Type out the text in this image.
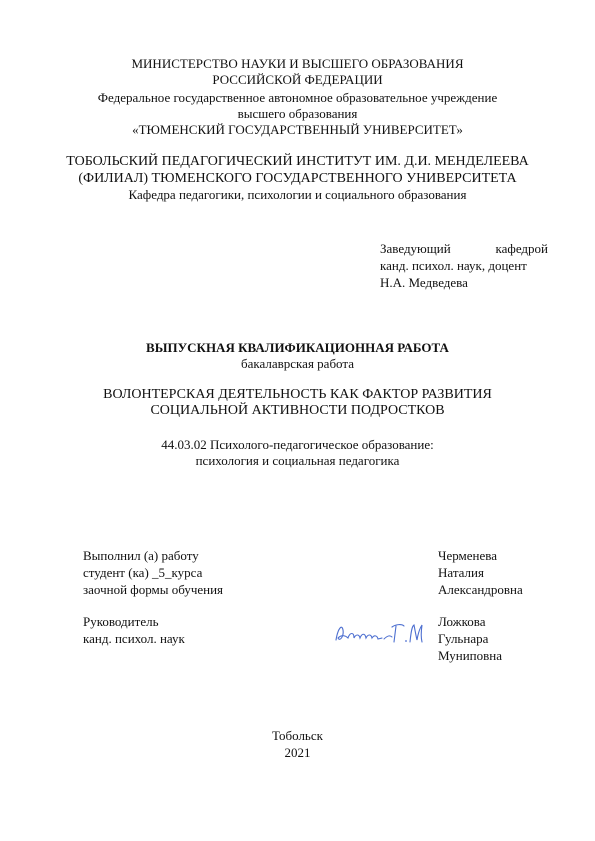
МИНИСТЕРСТВО НАУКИ И ВЫСШЕГО ОБРАЗОВАНИЯ
РОССИЙСКОЙ ФЕДЕРАЦИИ
Федеральное государственное автономное образовательное учреждение
высшего образования
«ТЮМЕНСКИЙ ГОСУДАРСТВЕННЫЙ УНИВЕРСИТЕТ»
ТОБОЛЬСКИЙ ПЕДАГОГИЧЕСКИЙ ИНСТИТУТ ИМ. Д.И. МЕНДЕЛЕЕВА
(ФИЛИАЛ) ТЮМЕНСКОГО ГОСУДАРСТВЕННОГО УНИВЕРСИТЕТА
Кафедра педагогики, психологии и социального образования
Заведующий	кафедрой
канд. психол. наук, доцент
Н.А. Медведева
ВЫПУСКНАЯ КВАЛИФИКАЦИОННАЯ РАБОТА
бакалаврская работа
ВОЛОНТЕРСКАЯ ДЕЯТЕЛЬНОСТЬ КАК ФАКТОР РАЗВИТИЯ
СОЦИАЛЬНОЙ АКТИВНОСТИ ПОДРОСТКОВ
44.03.02 Психолого-педагогическое образование:
психология и социальная педагогика
Выполнил (а) работу
студент (ка) _5_курса
заочной формы обучения
Черменева
Наталия
Александровна
Руководитель
канд. психол. наук
Ложкова
Гульнара
Муниповна
Тобольск
2021
